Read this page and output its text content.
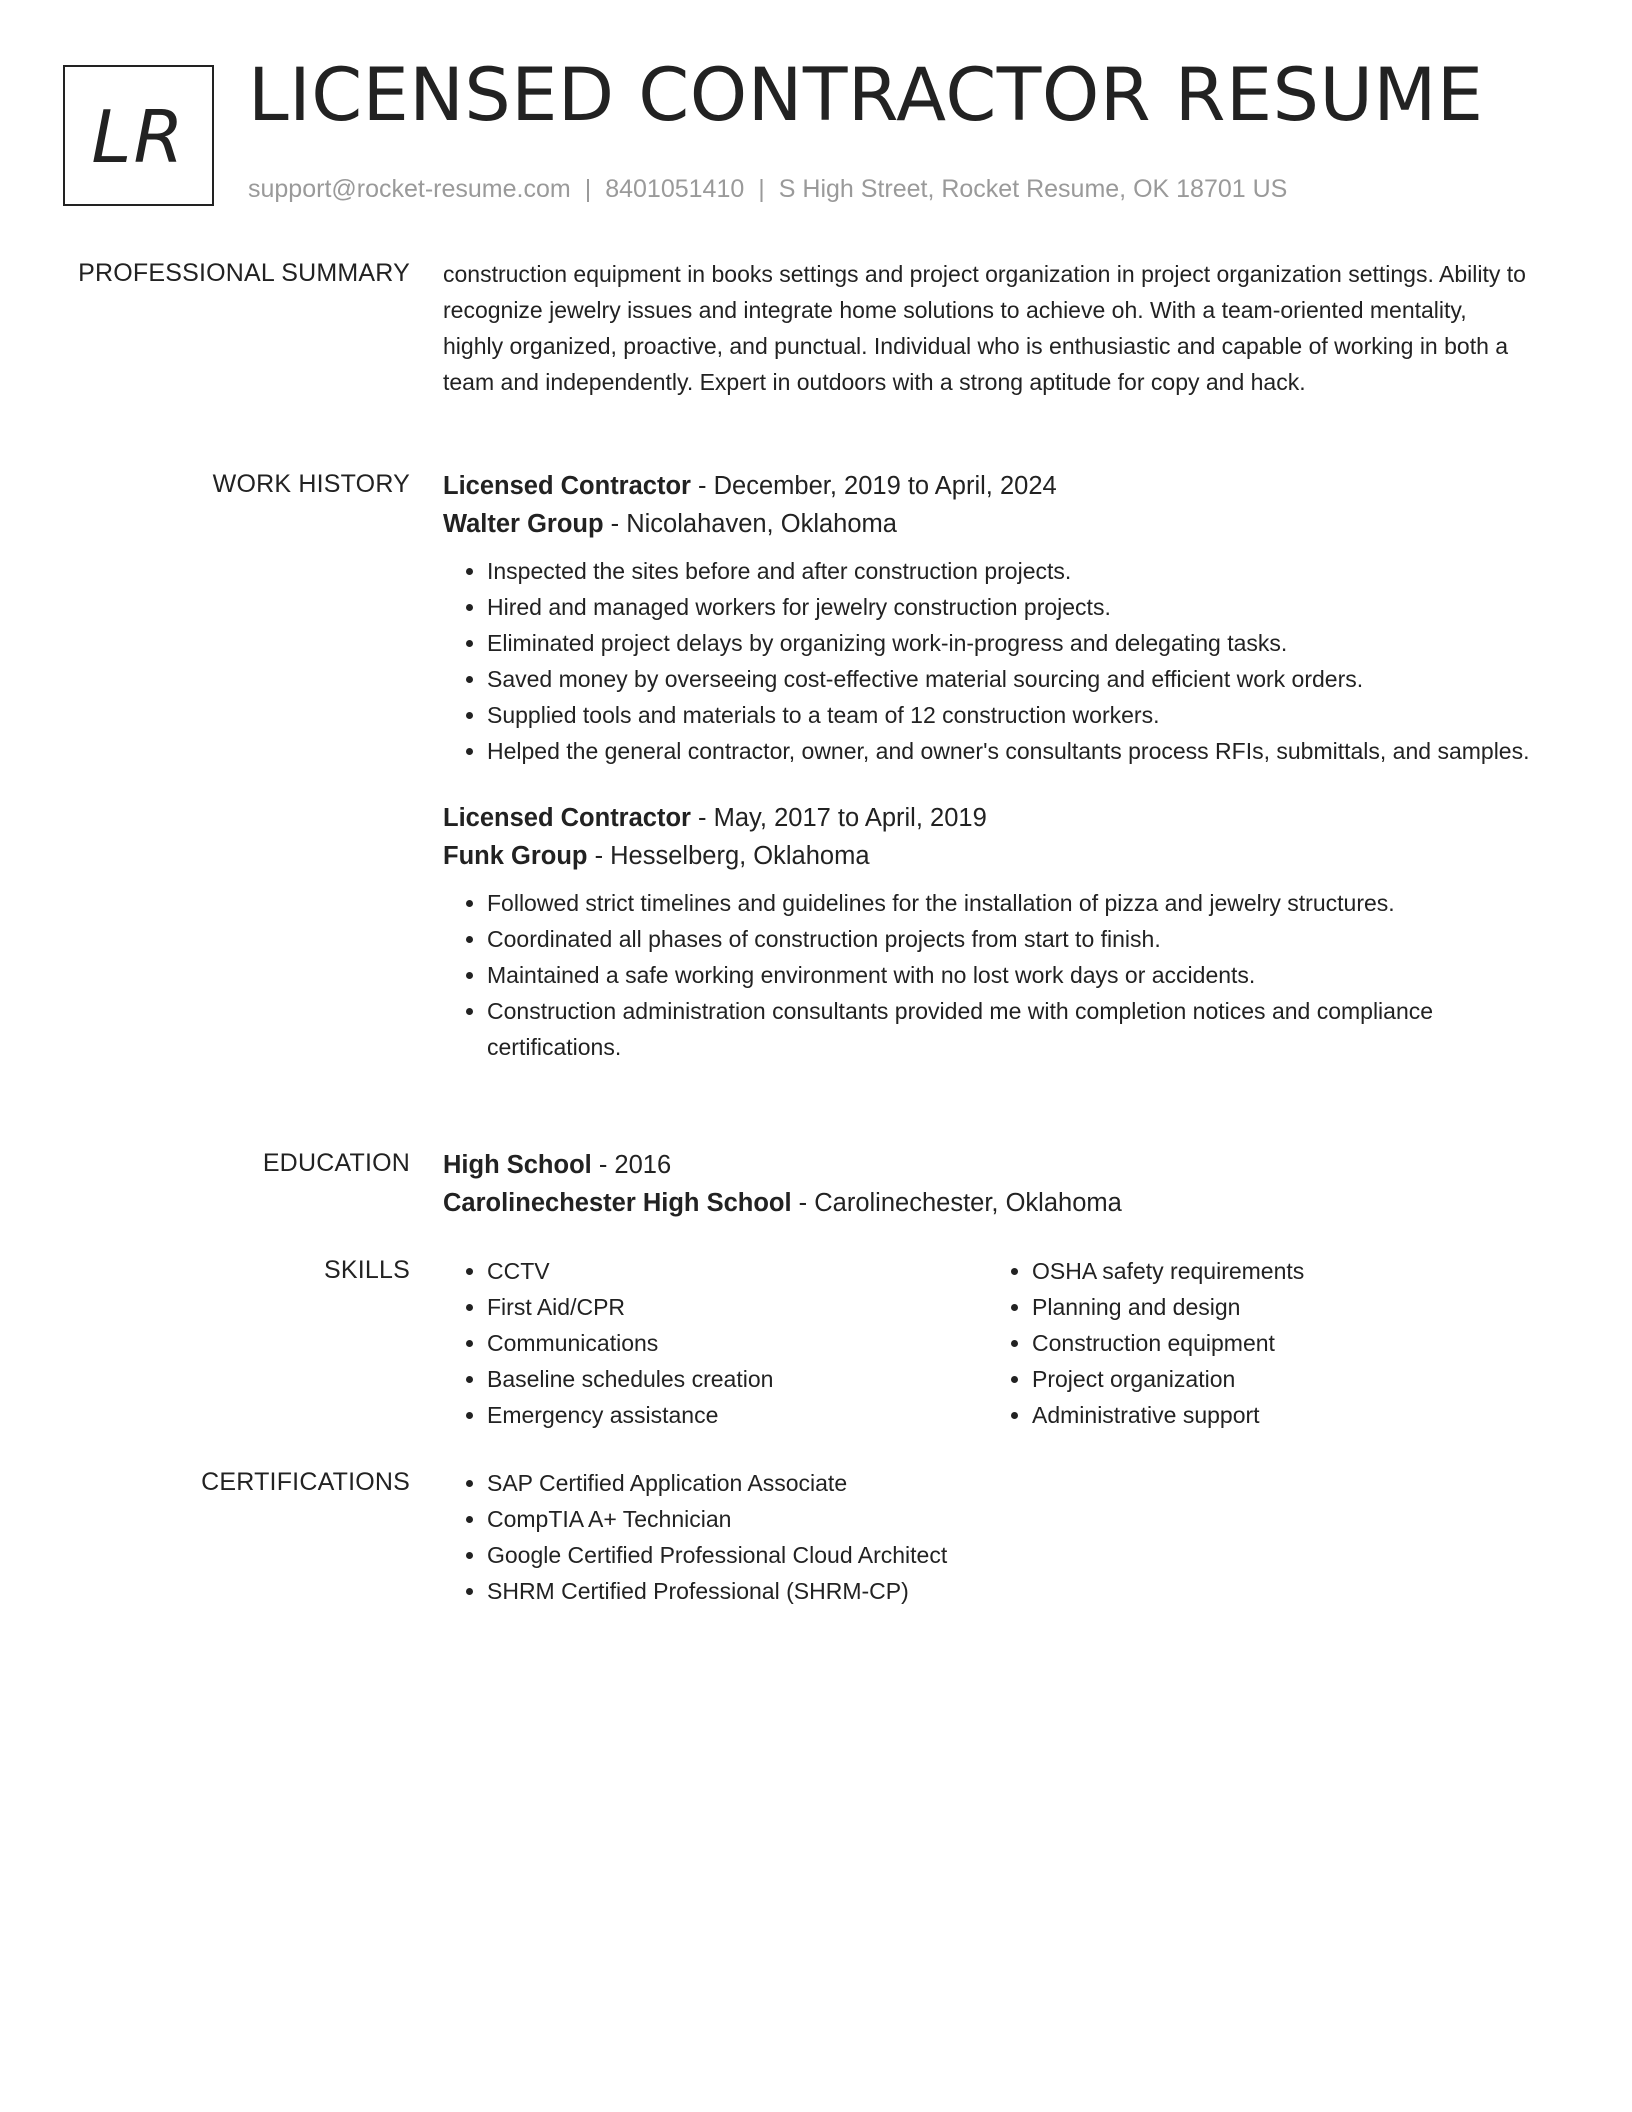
LR LICENSED CONTRACTOR RESUME
support@rocket-resume.com | 8401051410 | S High Street, Rocket Resume, OK 18701 US
PROFESSIONAL SUMMARY construction equipment in books settings and project organization in project organization settings. Ability to recognize jewelry issues and integrate home solutions to achieve oh. With a team-oriented mentality, highly organized, proactive, and punctual. Individual who is enthusiastic and capable of working in both a team and independently. Expert in outdoors with a strong aptitude for copy and hack.

WORK HISTORY Licensed Contractor - December, 2019 to April, 2024
Walter Group - Nicolahaven, Oklahoma
• Inspected the sites before and after construction projects.
• Hired and managed workers for jewelry construction projects.
• Eliminated project delays by organizing work-in-progress and delegating tasks.
• Saved money by overseeing cost-effective material sourcing and efficient work orders.
• Supplied tools and materials to a team of 12 construction workers.
• Helped the general contractor, owner, and owner's consultants process RFIs, submittals, and samples.
Licensed Contractor - May, 2017 to April, 2019
Funk Group - Hesselberg, Oklahoma
• Followed strict timelines and guidelines for the installation of pizza and jewelry structures.
• Coordinated all phases of construction projects from start to finish.
• Maintained a safe working environment with no lost work days or accidents.
• Construction administration consultants provided me with completion notices and compliance certifications.
EDUCATION High School - 2016
Carolinechester High School - Carolinechester, Oklahoma
SKILLS	• CCTV
• First Aid/CPR
• Communications
• Baseline schedules creation
• Emergency assistance
• OSHA safety requirements
• Planning and design
• Construction equipment
• Project organization
• Administrative support
CERTIFICATIONS	• SAP Certified Application Associate
• CompTIA A+ Technician
• Google Certified Professional Cloud Architect
• SHRM Certified Professional (SHRM-CP)
